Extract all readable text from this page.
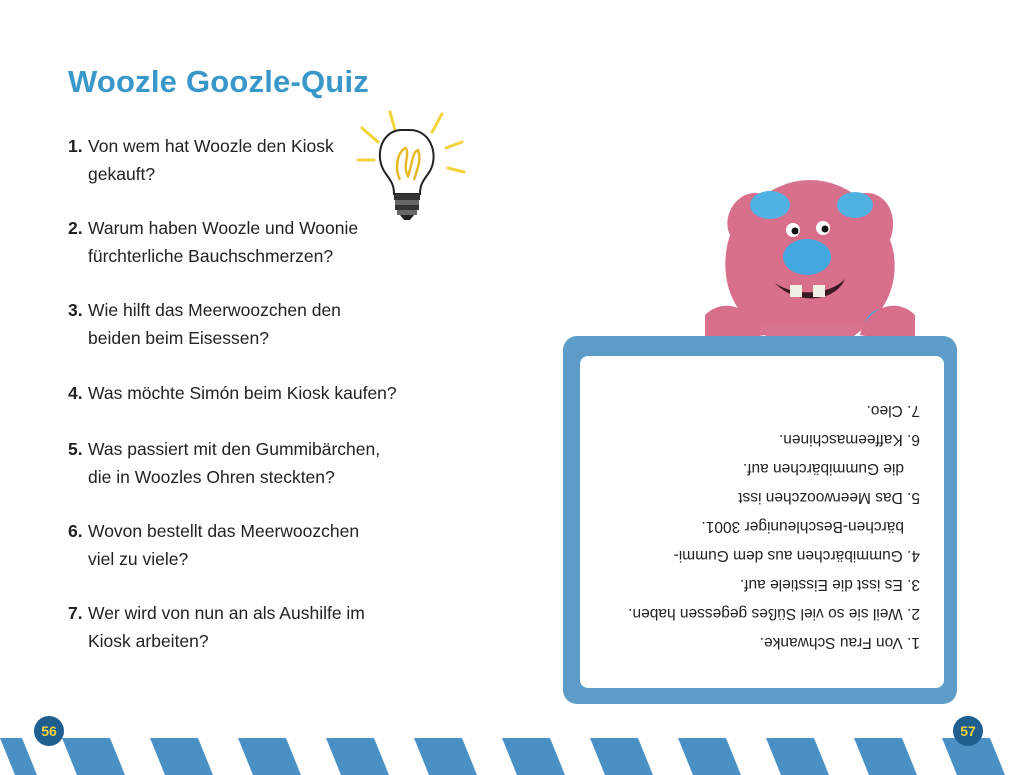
Woozle Goozle-Quiz
1. Von wem hat Woozle den Kiosk
gekauft?
2. Warum haben Woozle und Woonie
fürchterliche Bauchschmerzen?
3. Wie hilft das Meerwoozchen den
beiden beim Eisessen?
4. Was möchte Simón beim Kiosk kaufen?
5. Was passiert mit den Gummibärchen,
die in Woozles Ohren steckten?
6. Wovon bestellt das Meerwoozchen
viel zu viele?
7. Wer wird von nun an als Aushilfe im
Kiosk arbeiten?	1. Von Frau Schwanke.
2. Weil sie so viel Süßes gegessen haben.
3. Es isst die Eisstiele auf.
4. Gummibärchen aus dem Gummi-
bärchen-Beschleuniger 3001.
5. Das Meerwoozchen isst
die Gummibärchen auf.
6. Kaffeemaschinen.
7. Cleo.
56	57
